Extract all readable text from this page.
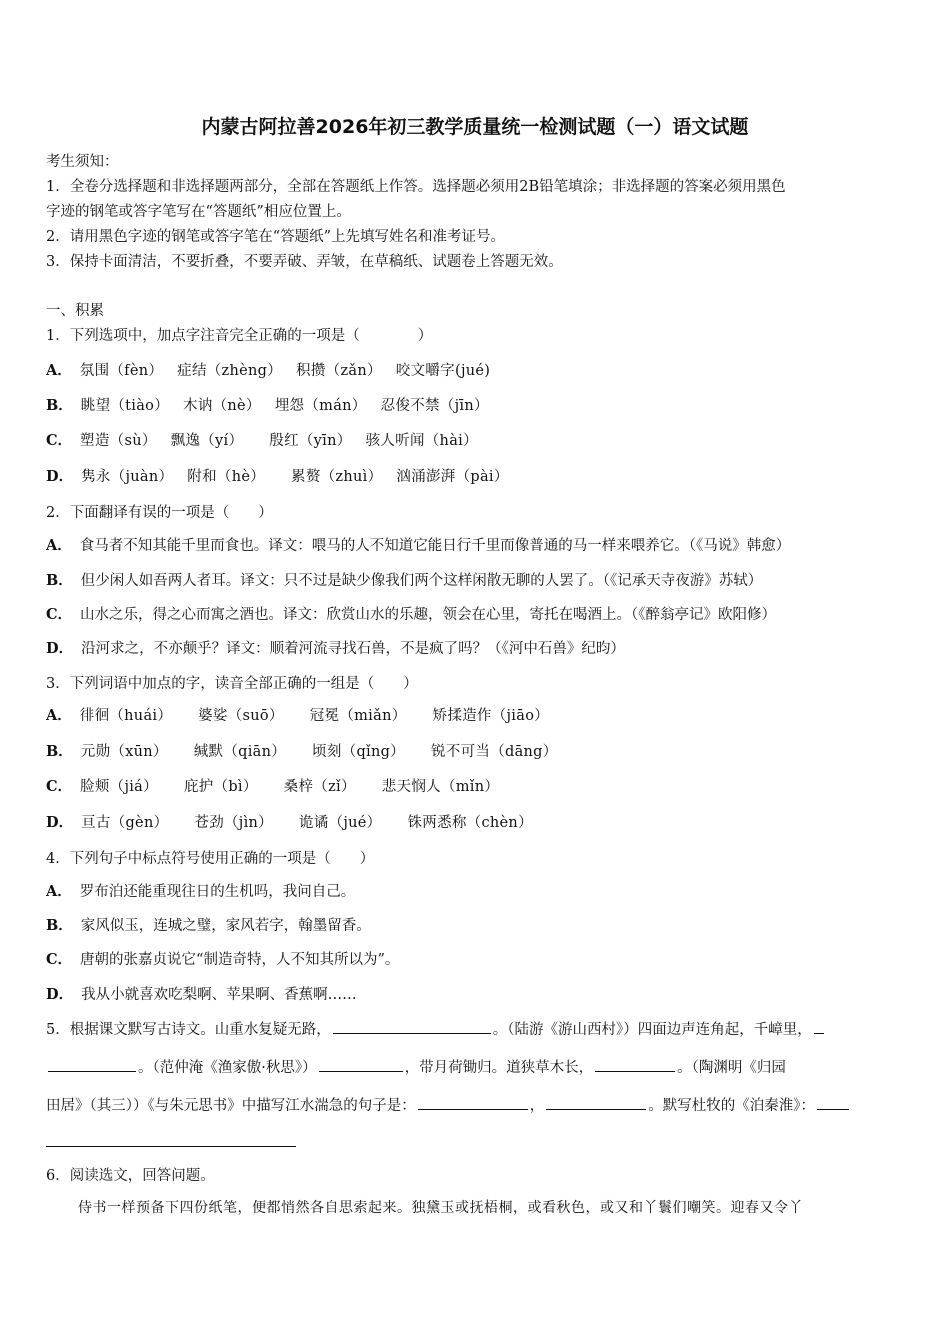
内蒙古阿拉善2026年初三教学质量统一检测试题（一）语文试题
考生须知：
1．全卷分选择题和非选择题两部分，全部在答题纸上作答。选择题必须用2B铅笔填涂；非选择题的答案必须用黑色
字迹的钢笔或答字笔写在“答题纸”相应位置上。
2．请用黑色字迹的钢笔或答字笔在“答题纸”上先填写姓名和准考证号。
3．保持卡面清洁，不要折叠，不要弄破、弄皱，在草稿纸、试题卷上答题无效。
一、积累
1．下列选项中，加点字注音完全正确的一项是（　　　　）
A． 氛围（fèn） 症结（zhèng） 积攒（zǎn） 咬文嚼字(jué)
B． 眺望（tiào） 木讷（nè） 埋怨（mán） 忍俊不禁（jīn）
C． 塑造（sù） 飘逸（yí） 殷红（yīn） 骇人听闻（hài）
D． 隽永（juàn） 附和（hè） 累赘（zhuì） 汹涌澎湃（pài）
2．下面翻译有误的一项是（　　）
A． 食马者不知其能千里而食也。译文：喂马的人不知道它能日行千里而像普通的马一样来喂养它。（《马说》韩愈）
B． 但少闲人如吾两人者耳。译文：只不过是缺少像我们两个这样闲散无聊的人罢了。（《记承天寺夜游》苏轼）
C． 山水之乐，得之心而寓之酒也。译文：欣赏山水的乐趣，领会在心里，寄托在喝酒上。（《醉翁亭记》欧阳修）
D． 沿河求之，不亦颠乎？译文：顺着河流寻找石兽，不是疯了吗？（《河中石兽》纪昀）
3．下列词语中加点的字，读音全部正确的一组是（　　）
A． 徘徊（huái） 婆娑（suō） 冠冕（miǎn） 矫揉造作（jiāo）
B． 元勋（xūn） 缄默（qiān） 顷刻（qǐng） 锐不可当（dāng）
C． 脸颊（jiá） 庇护（bì） 桑梓（zǐ） 悲天悯人（mǐn）
D． 亘古（gèn） 苍劲（jìn） 诡谲（jué） 铢两悉称（chèn）
4．下列句子中标点符号使用正确的一项是（　　）
A． 罗布泊还能重现往日的生机吗，我问自己。
B． 家风似玉，连城之璧，家风若字，翰墨留香。
C． 唐朝的张嘉贞说它“制造奇特，人不知其所以为”。
D． 我从小就喜欢吃梨啊、苹果啊、香蕉啊……
5．根据课文默写古诗文。山重水复疑无路，	。（陆游《游山西村》）四面边声连角起，千嶂里，
。（范仲淹《渔家傲·秋思》）	，带月荷锄归。道狭草木长，	。（陶渊明《归园
田居》（其三））《与朱元思书》中描写江水湍急的句子是：	，	。默写杜牧的《泊秦淮》：
6．阅读选文，回答问题。
侍书一样预备下四份纸笔，便都悄然各自思索起来。独黛玉或抚梧桐，或看秋色，或又和丫鬟们嘲笑。迎春又令丫
